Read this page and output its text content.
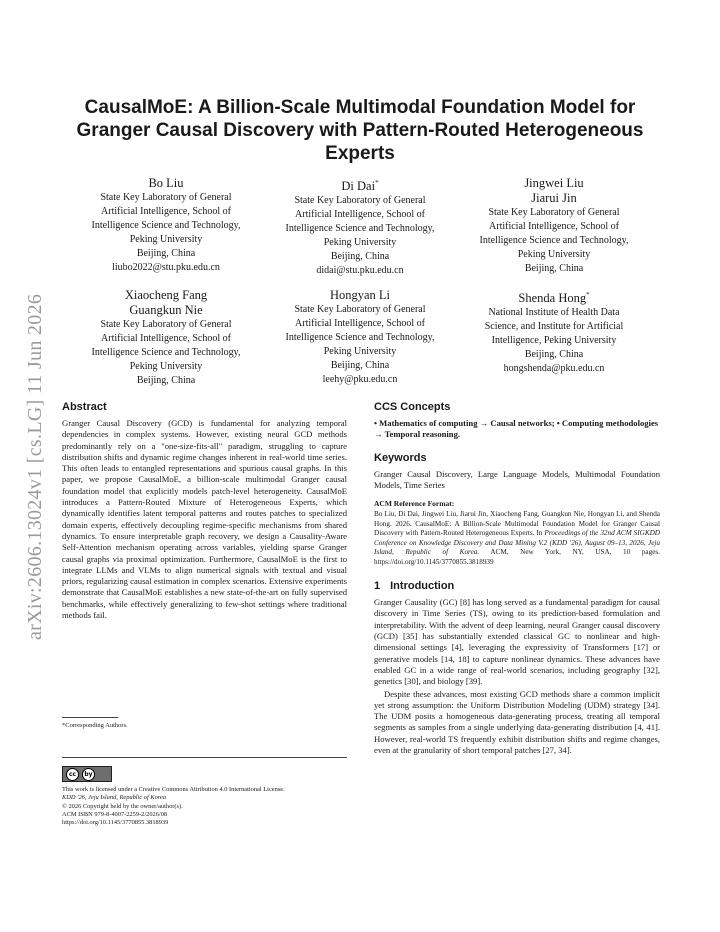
arXiv:2606.13024v1 [cs.LG] 11 Jun 2026
CausalMoE: A Billion-Scale Multimodal Foundation Model for Granger Causal Discovery with Pattern-Routed Heterogeneous Experts
Bo Liu
State Key Laboratory of General
Artificial Intelligence, School of
Intelligence Science and Technology,
Peking University
Beijing, China
liubo2022@stu.pku.edu.cn
Di Dai*
State Key Laboratory of General
Artificial Intelligence, School of
Intelligence Science and Technology,
Peking University
Beijing, China
didai@stu.pku.edu.cn
Jingwei Liu
Jiarui Jin
State Key Laboratory of General
Artificial Intelligence, School of
Intelligence Science and Technology,
Peking University
Beijing, China
Xiaocheng Fang
Guangkun Nie
State Key Laboratory of General
Artificial Intelligence, School of
Intelligence Science and Technology,
Peking University
Beijing, China
Hongyan Li
State Key Laboratory of General
Artificial Intelligence, School of
Intelligence Science and Technology,
Peking University
Beijing, China
leehy@pku.edu.cn
Shenda Hong*
National Institute of Health Data
Science, and Institute for Artificial
Intelligence, Peking University
Beijing, China
hongshenda@pku.edu.cn
Abstract

Granger Causal Discovery (GCD) is fundamental for analyzing temporal dependencies in complex systems. However, existing neural GCD methods predominantly rely on a "one-size-fits-all" paradigm, struggling to capture distribution shifts and dynamic regime changes inherent in real-world time series. This often leads to entangled representations and spurious causal graphs. In this paper, we propose CausalMoE, a billion-scale multimodal Granger causal foundation model that explicitly models patch-level heterogeneity. CausalMoE introduces a Pattern-Routed Mixture of Heterogeneous Experts, which dynamically identifies latent temporal patterns and routes patches to specialized domain experts, effectively decoupling regime-specific mechanisms from shared dynamics. To ensure interpretable graph recovery, we design a Causality-Aware Self-Attention mechanism operating across variables, yielding sparse Granger causal graphs via proximal optimization. Furthermore, CausalMoE is the first to integrate LLMs and VLMs to align numerical signals with textual and visual priors, regularizing causal estimation in complex scenarios. Extensive experiments demonstrate that CausalMoE establishes a new state-of-the-art on fully supervised benchmarks, while effectively generalizing to few-shot settings where traditional methods fail.

*Corresponding Authors.
cc	by
This work is licensed under a Creative Commons Attribution 4.0 International License.
KDD '26, Jeju Island, Republic of Korea
© 2026 Copyright held by the owner/author(s).
ACM ISBN 979-8-4007-2259-2/2026/08
https://doi.org/10.1145/3770855.3818939
CCS Concepts

• Mathematics of computing → Causal networks; • Computing methodologies → Temporal reasoning.

Keywords

Granger Causal Discovery, Large Language Models, Multimodal Foundation Models, Time Series

ACM Reference Format:
Bo Liu, Di Dai, Jingwei Liu, Jiarui Jin, Xiaocheng Fang, Guangkun Nie, Hongyan Li, and Shenda Hong. 2026. CausalMoE: A Billion-Scale Multimodal Foundation Model for Granger Causal Discovery with Pattern-Routed Heterogeneous Experts. In Proceedings of the 32nd ACM SIGKDD Conference on Knowledge Discovery and Data Mining V.2 (KDD '26), August 09–13, 2026, Jeju Island, Republic of Korea. ACM, New York, NY, USA, 10 pages. https://doi.org/10.1145/3770855.3818939
1 Introduction

Granger Causality (GC) [8] has long served as a fundamental paradigm for causal discovery in Time Series (TS), owing to its prediction-based formulation and interpretability. With the advent of deep learning, neural Granger causal discovery (GCD) [35] has substantially extended classical GC to nonlinear and high-dimensional settings [4], leveraging the expressivity of Transformers [17] or generative models [14, 18] to capture nonlinear dynamics. These advances have enabled GC in a wide range of real-world scenarios, including geography [32], genetics [30], and biology [39].

Despite these advances, most existing GCD methods share a common implicit yet strong assumption: the Uniform Distribution Modeling (UDM) strategy [34]. The UDM posits a homogeneous data-generating process, treating all temporal segments as samples from a single underlying data-generating distribution [4, 41]. However, real-world TS frequently exhibit distribution shifts and regime changes, even at the granularity of short temporal patches [27, 34].
